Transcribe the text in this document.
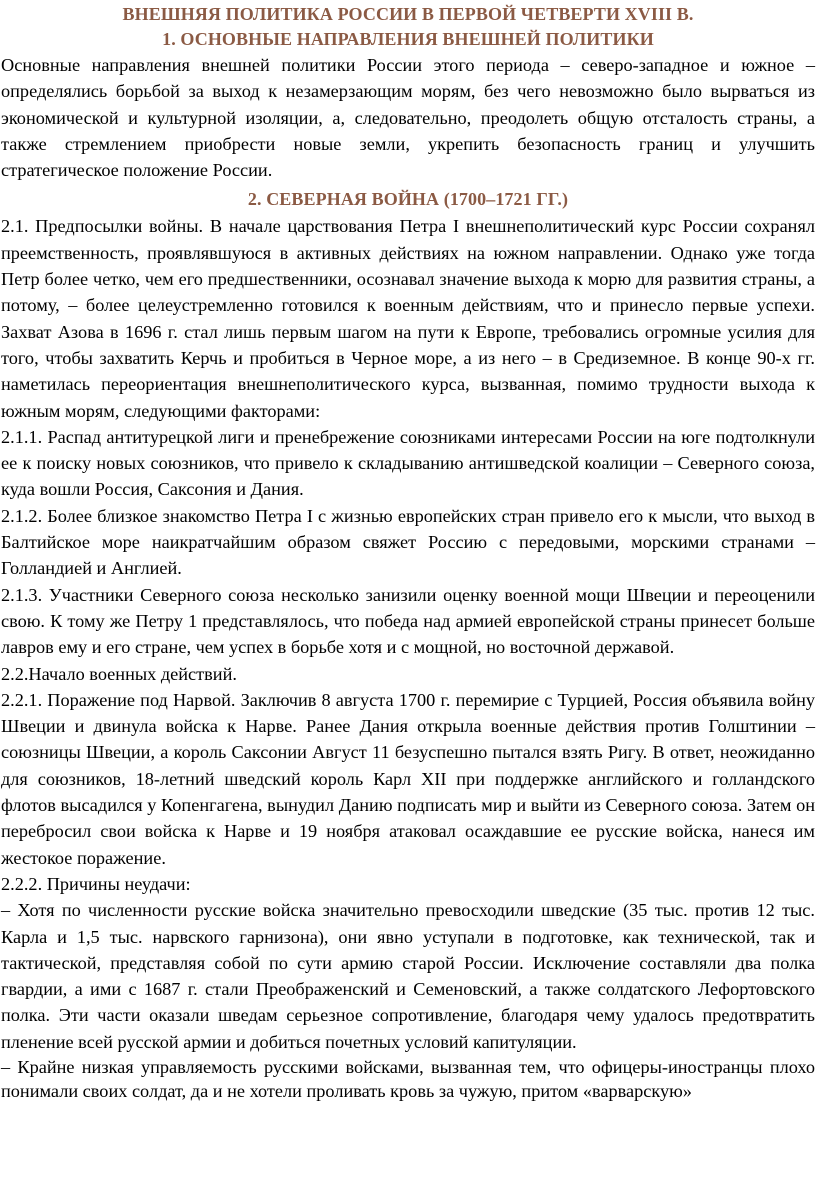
ВНЕШНЯЯ ПОЛИТИКА РОССИИ В ПЕРВОЙ ЧЕТВЕРТИ XVIII В.
1. ОСНОВНЫЕ НАПРАВЛЕНИЯ ВНЕШНЕЙ ПОЛИТИКИ

Основные направления внешней политики России этого периода – северо-западное и южное – определялись борьбой за выход к незамерзающим морям, без чего невозможно было вырваться из экономической и культурной изоляции, а, следовательно, преодолеть общую отсталость страны, а также стремлением приобрести новые земли, укрепить безопасность границ и улучшить стратегическое положение России.

2. СЕВЕРНАЯ ВОЙНА (1700–1721 ГГ.)

2.1. Предпосылки войны. В начале царствования Петра I внешнеполитический курс России сохранял преемственность, проявлявшуюся в активных действиях на южном направлении. Однако уже тогда Петр более четко, чем его предшественники, осознавал значение выхода к морю для развития страны, а потому, – более целеустремленно готовился к военным действиям, что и принесло первые успехи. Захват Азова в 1696 г. стал лишь первым шагом на пути к Европе, требовались огромные усилия для того, чтобы захватить Керчь и пробиться в Черное море, а из него – в Средиземное. В конце 90-х гг. наметилась переориентация внешнеполитического курса, вызванная, помимо трудности выхода к южным морям, следующими факторами:

2.1.1. Распад антитурецкой лиги и пренебрежение союзниками интересами России на юге подтолкнули ее к поиску новых союзников, что привело к складыванию антишведской коалиции – Северного союза, куда вошли Россия, Саксония и Дания.

2.1.2. Более близкое знакомство Петра I с жизнью европейских стран привело его к мысли, что выход в Балтийское море наикратчайшим образом свяжет Россию с передовыми, морскими странами – Голландией и Англией.

2.1.3. Участники Северного союза несколько занизили оценку военной мощи Швеции и переоценили свою. К тому же Петру 1 представлялось, что победа над армией европейской страны принесет больше лавров ему и его стране, чем успех в борьбе хотя и с мощной, но восточной державой.

2.2.Начало военных действий.

2.2.1. Поражение под Нарвой. Заключив 8 августа 1700 г. перемирие с Турцией, Россия объявила войну Швеции и двинула войска к Нарве. Ранее Дания открыла военные действия против Голштинии – союзницы Швеции, а король Саксонии Август 11 безуспешно пытался взять Ригу. В ответ, неожиданно для союзников, 18-летний шведский король Карл XII при поддержке английского и голландского флотов высадился у Копенгагена, вынудил Данию подписать мир и выйти из Северного союза. Затем он перебросил свои войска к Нарве и 19 ноября атаковал осаждавшие ее русские войска, нанеся им жестокое поражение.

2.2.2. Причины неудачи:

– Хотя по численности русские войска значительно превосходили шведские (35 тыс. против 12 тыс. Карла и 1,5 тыс. нарвского гарнизона), они явно уступали в подготовке, как технической, так и тактической, представляя собой по сути армию старой России. Исключение составляли два полка гвардии, а ими с 1687 г. стали Преображенский и Семеновский, а также солдатского Лефортовского полка. Эти части оказали шведам серьезное сопротивление, благодаря чему удалось предотвратить пленение всей русской армии и добиться почетных условий капитуляции.

– Крайне низкая управляемость русскими войсками, вызванная тем, что офицеры-иностранцы плохо понимали своих солдат, да и не хотели проливать кровь за чужую, притом «варварскую»
